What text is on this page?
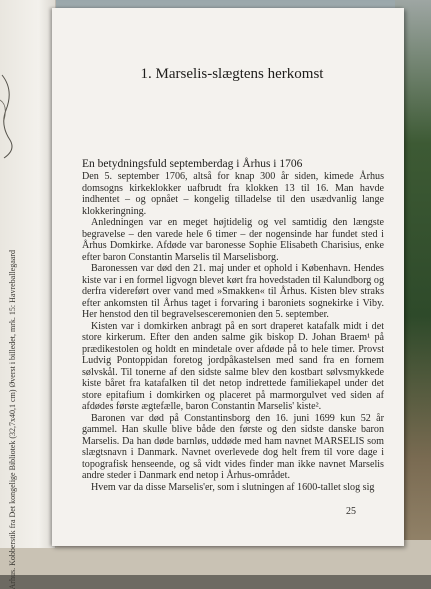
Arhus. Kobberstik fra Det kongelige Bibliotek (32,7x40,1 cm) Øverst i billedet, mrk. 15: Havreballegaard
1. Marselis-slægtens herkomst
En betydningsfuld septemberdag i Århus i 1706

Den 5. september 1706, altså for knap 300 år siden, kimede Århus domsogns kirkeklokker uafbrudt fra klokken 13 til 16. Man havde indhentet – og opnået – kongelig tilladelse til den usædvanlig lange klokkeringning.

Anledningen var en meget højtidelig og vel samtidig den længste begravelse – den varede hele 6 timer – der nogensinde har fundet sted i Århus Domkirke. Afdøde var baronesse Sophie Elisabeth Charisius, enke efter baron Constantin Marselis til Marselisborg.

Baronessen var død den 21. maj under et ophold i København. Hendes kiste var i en formel ligvogn blevet kørt fra hovedstaden til Kalundborg og derfra videreført over vand med »Smakken« til Århus. Kisten blev straks efter ankomsten til Århus taget i forvaring i baroniets sognekirke i Viby. Her henstod den til begravelsesceremonien den 5. september.

Kisten var i domkirken anbragt på en sort draperet katafalk midt i det store kirkerum. Efter den anden salme gik biskop D. Johan Braem¹ på prædikestolen og holdt en mindetale over afdøde på to hele timer. Provst Ludvig Pontoppidan foretog jordpåkastelsen med sand fra en fornem sølvskål. Til tonerne af den sidste salme blev den kostbart sølvsmykkede kiste båret fra katafalken til det netop indrettede familiekapel under det store epitafium i domkirken og placeret på marmorgulvet ved siden af afdødes første ægtefælle, baron Constantin Marselis' kiste².

Baronen var død på Constantinsborg den 16. juni 1699 kun 52 år gammel. Han skulle blive både den første og den sidste danske baron Marselis. Da han døde barnløs, uddøde med ham navnet MARSELIS som slægtsnavn i Danmark. Navnet overlevede dog helt frem til vore dage i topografisk henseende, og så vidt vides finder man ikke navnet Marselis andre steder i Danmark end netop i Århus-området.

Hvem var da disse Marselis'er, som i slutningen af 1600-tallet slog sig

25
